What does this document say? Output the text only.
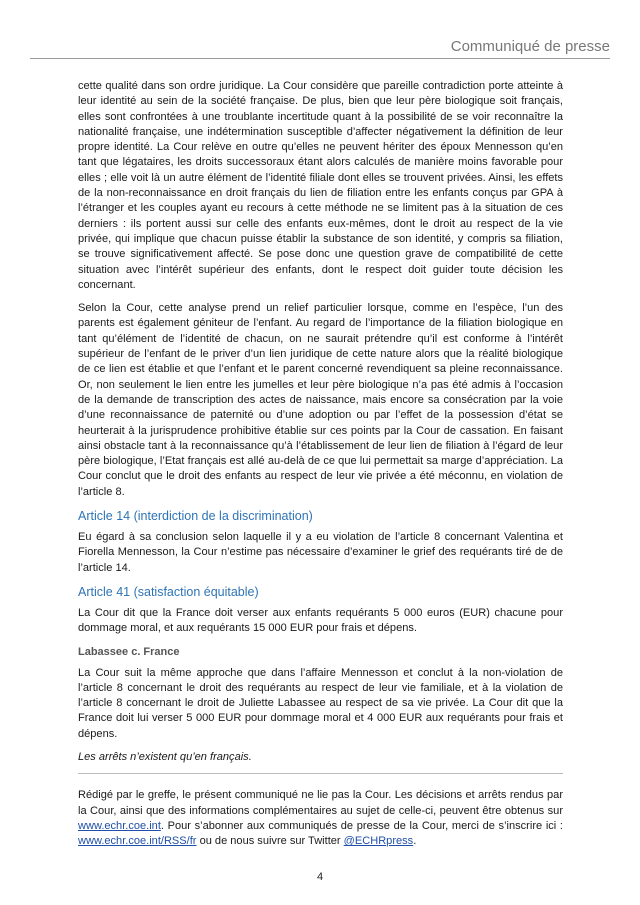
Communiqué de presse

cette qualité dans son ordre juridique. La Cour considère que pareille contradiction porte atteinte à leur identité au sein de la société française. De plus, bien que leur père biologique soit français, elles sont confrontées à une troublante incertitude quant à la possibilité de se voir reconnaître la nationalité française, une indétermination susceptible d’affecter négativement la définition de leur propre identité. La Cour relève en outre qu’elles ne peuvent hériter des époux Mennesson qu’en tant que légataires, les droits successoraux étant alors calculés de manière moins favorable pour elles ; elle voit là un autre élément de l’identité filiale dont elles se trouvent privées. Ainsi, les effets de la non-reconnaissance en droit français du lien de filiation entre les enfants conçus par GPA à l’étranger et les couples ayant eu recours à cette méthode ne se limitent pas à la situation de ces derniers : ils portent aussi sur celle des enfants eux-mêmes, dont le droit au respect de la vie privée, qui implique que chacun puisse établir la substance de son identité, y compris sa filiation, se trouve significativement affecté. Se pose donc une question grave de compatibilité de cette situation avec l’intérêt supérieur des enfants, dont le respect doit guider toute décision les concernant.

Selon la Cour, cette analyse prend un relief particulier lorsque, comme en l’espèce, l’un des parents est également géniteur de l’enfant. Au regard de l’importance de la filiation biologique en tant qu’élément de l’identité de chacun, on ne saurait prétendre qu’il est conforme à l’intérêt supérieur de l’enfant de le priver d’un lien juridique de cette nature alors que la réalité biologique de ce lien est établie et que l’enfant et le parent concerné revendiquent sa pleine reconnaissance. Or, non seulement le lien entre les jumelles et leur père biologique n’a pas été admis à l’occasion de la demande de transcription des actes de naissance, mais encore sa consécration par la voie d’une reconnaissance de paternité ou d’une adoption ou par l’effet de la possession d’état se heurterait à la jurisprudence prohibitive établie sur ces points par la Cour de cassation. En faisant ainsi obstacle tant à la reconnaissance qu’à l’établissement de leur lien de filiation à l’égard de leur père biologique, l’Etat français est allé au-delà de ce que lui permettait sa marge d’appréciation. La Cour conclut que le droit des enfants au respect de leur vie privée a été méconnu, en violation de l’article 8.

Article 14 (interdiction de la discrimination)

Eu égard à sa conclusion selon laquelle il y a eu violation de l’article 8 concernant Valentina et Fiorella Mennesson, la Cour n’estime pas nécessaire d’examiner le grief des requérants tiré de de l’article 14.

Article 41 (satisfaction équitable)

La Cour dit que la France doit verser aux enfants requérants 5 000 euros (EUR) chacune pour dommage moral, et aux requérants 15 000 EUR pour frais et dépens.

Labassee c. France

La Cour suit la même approche que dans l’affaire Mennesson et conclut à la non-violation de l’article 8 concernant le droit des requérants au respect de leur vie familiale, et à la violation de l’article 8 concernant le droit de Juliette Labassee au respect de sa vie privée. La Cour dit que la France doit lui verser 5 000 EUR pour dommage moral et 4 000 EUR aux requérants pour frais et dépens.

Les arrêts n’existent qu’en français.

Rédigé par le greffe, le présent communiqué ne lie pas la Cour. Les décisions et arrêts rendus par la Cour, ainsi que des informations complémentaires au sujet de celle-ci, peuvent être obtenus sur www.echr.coe.int. Pour s’abonner aux communiqués de presse de la Cour, merci de s’inscrire ici : www.echr.coe.int/RSS/fr ou de nous suivre sur Twitter @ECHRpress.

4
